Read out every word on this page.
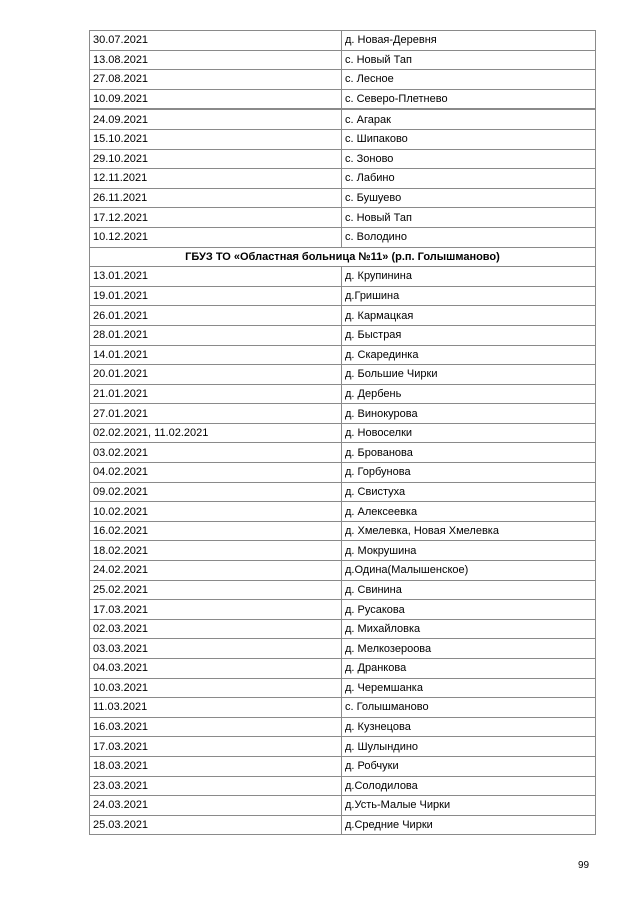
30.07.2021	д. Новая-Деревня
13.08.2021	с. Новый Тап
27.08.2021	с. Лесное
10.09.2021	с. Северо-Плетнево
24.09.2021	с. Агарак
15.10.2021	с. Шипаково
29.10.2021	с. Зоново
12.11.2021	с. Лабино
26.11.2021	с. Бушуево
17.12.2021	с. Новый Тап
10.12.2021	с. Володино
ГБУЗ ТО «Областная больница №11» (р.п. Голышманово)	
13.01.2021	д. Крупинина
19.01.2021	д.Гришина
26.01.2021	д. Кармацкая
28.01.2021	д. Быстрая
14.01.2021	д. Скарединка
20.01.2021	д. Большие Чирки
21.01.2021	д. Дербень
27.01.2021	д. Винокурова
02.02.2021, 11.02.2021	д. Новоселки
03.02.2021	д. Брованова
04.02.2021	д. Горбунова
09.02.2021	д. Свистуха
10.02.2021	д. Алексеевка
16.02.2021	д. Хмелевка, Новая Хмелевка
18.02.2021	д. Мокрушина
24.02.2021	д.Одина(Малышенское)
25.02.2021	д. Свинина
17.03.2021	д. Русакова
02.03.2021	д. Михайловка
03.03.2021	д. Мелкозероова
04.03.2021	д. Дранкова
10.03.2021	д. Черемшанка
11.03.2021	с. Голышманово
16.03.2021	д. Кузнецова
17.03.2021	д. Шулындино
18.03.2021	д. Робчуки
23.03.2021	д.Солодилова
24.03.2021	д.Усть-Малые Чирки
25.03.2021	д.Средние Чирки
99
